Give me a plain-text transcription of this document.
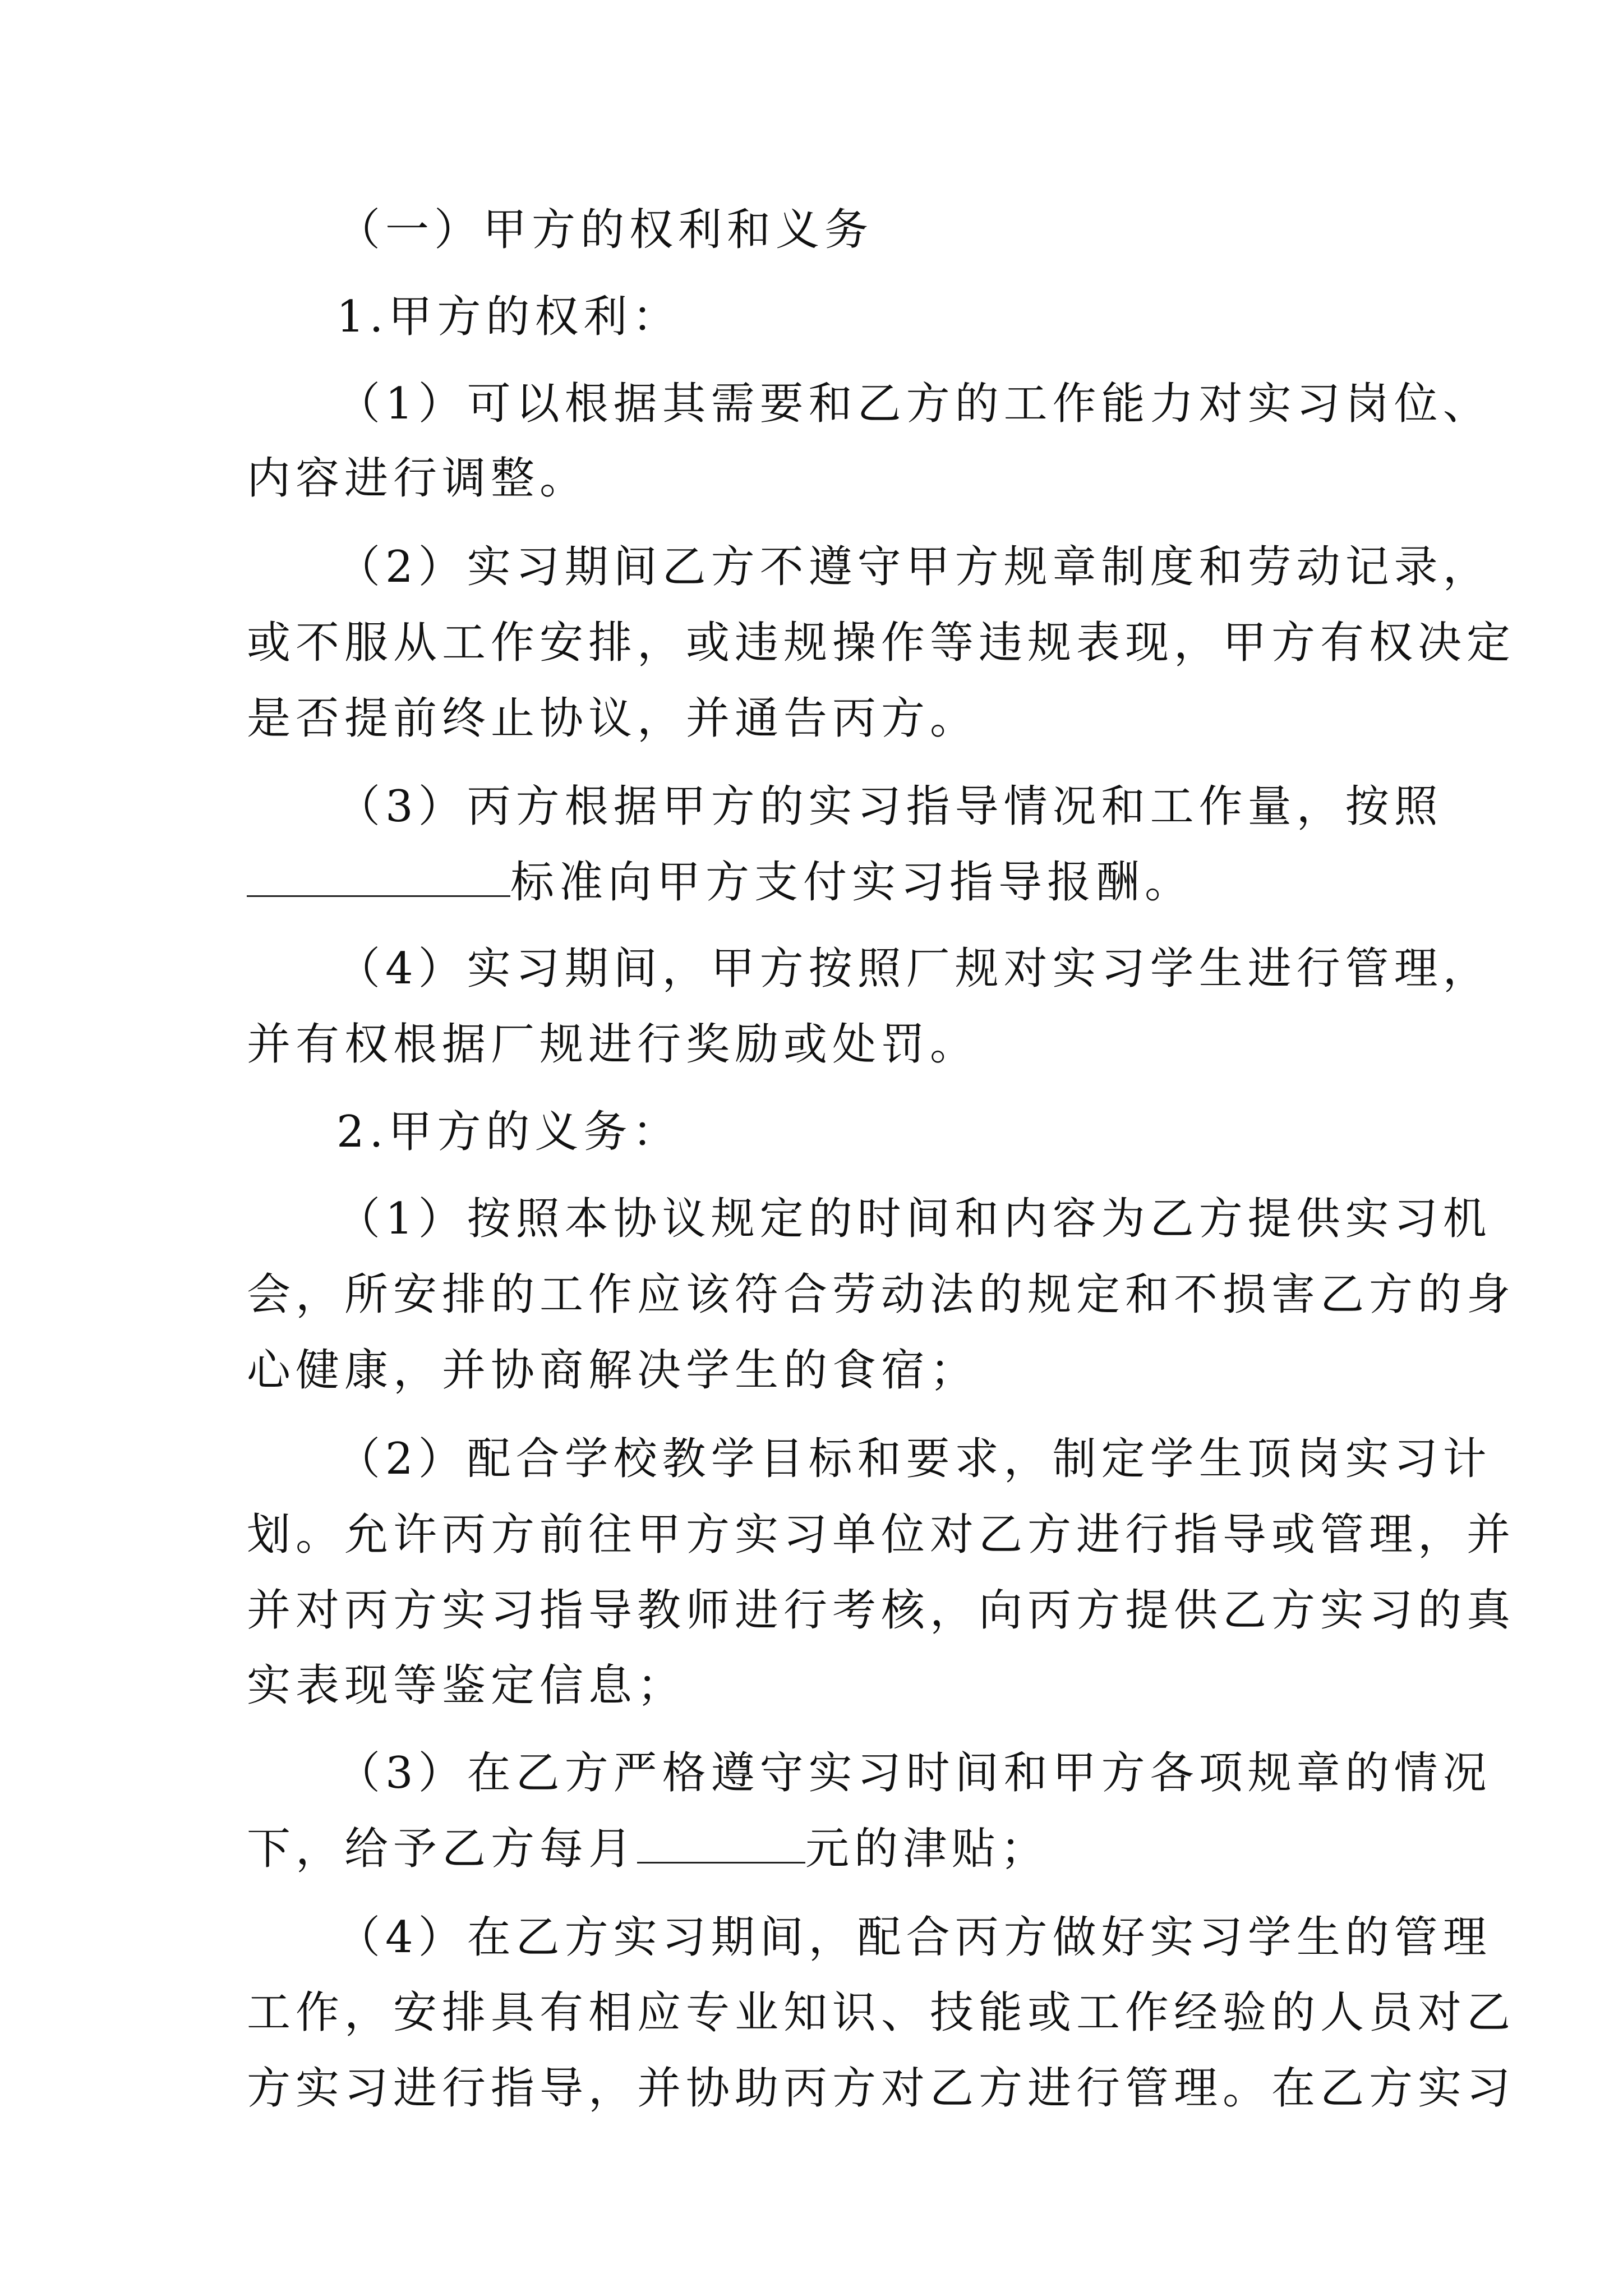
（一）甲方的权利和义务
1.甲方的权利：
（1）可以根据其需要和乙方的工作能力对实习岗位、
内容进行调整。
（2）实习期间乙方不遵守甲方规章制度和劳动记录，
或不服从工作安排，或违规操作等违规表现，甲方有权决定
是否提前终止协议，并通告丙方。
（3）丙方根据甲方的实习指导情况和工作量，按照
标准向甲方支付实习指导报酬。
（4）实习期间，甲方按照厂规对实习学生进行管理，
并有权根据厂规进行奖励或处罚。
2.甲方的义务：
（1）按照本协议规定的时间和内容为乙方提供实习机
会，所安排的工作应该符合劳动法的规定和不损害乙方的身
心健康，并协商解决学生的食宿；
（2）配合学校教学目标和要求，制定学生顶岗实习计
划。允许丙方前往甲方实习单位对乙方进行指导或管理，并
并对丙方实习指导教师进行考核，向丙方提供乙方实习的真
实表现等鉴定信息；
（3）在乙方严格遵守实习时间和甲方各项规章的情况
下，给予乙方每月	元的津贴；
（4）在乙方实习期间，配合丙方做好实习学生的管理
工作，安排具有相应专业知识、技能或工作经验的人员对乙
方实习进行指导，并协助丙方对乙方进行管理。在乙方实习
